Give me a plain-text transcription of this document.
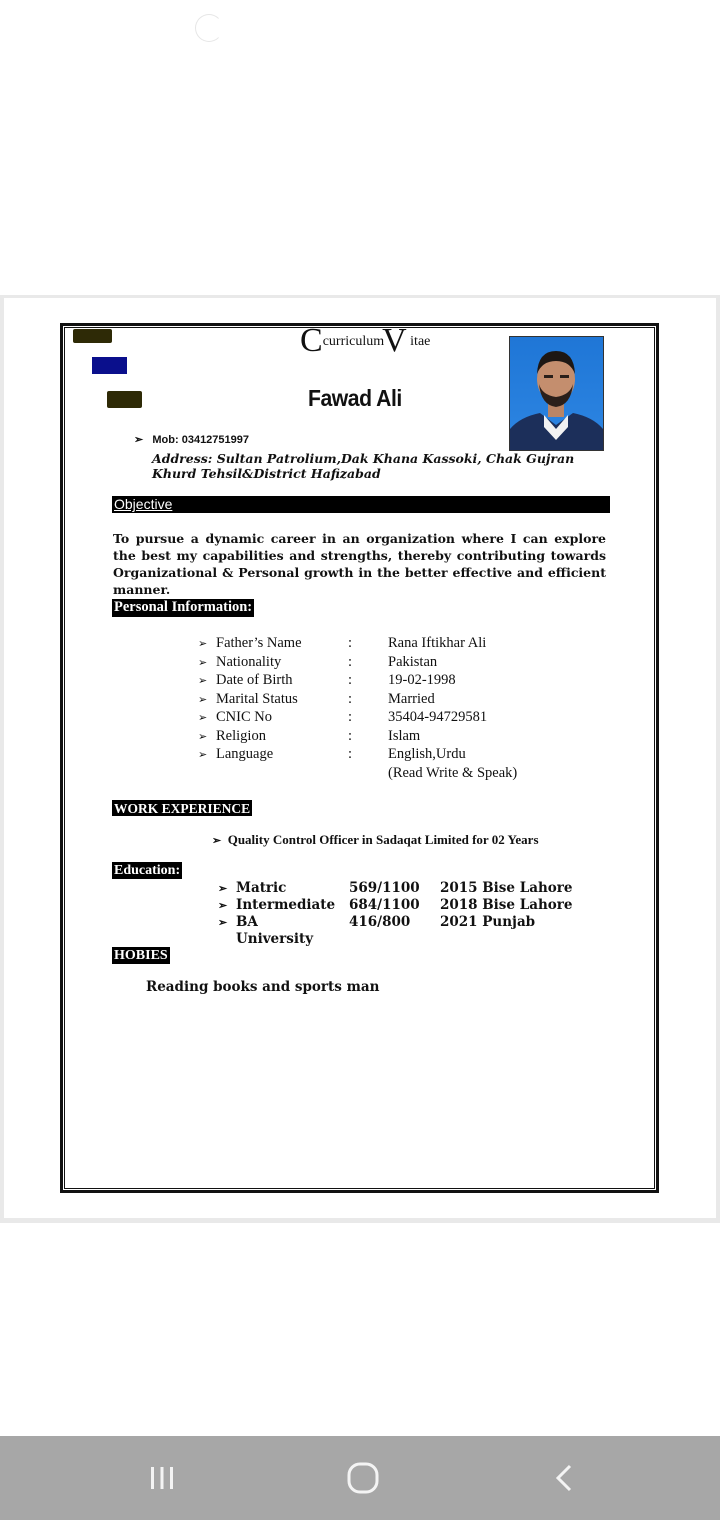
CcurriculumV itae
Fawad Ali
➢ Mob: 03412751997
Address: Sultan Patrolium,Dak Khana Kassoki, Chak Gujran Khurd Tehsil&District Hafizabad
Objective
To pursue a dynamic career in an organization where I can explore the best my capabilities and strengths, thereby contributing towards Organizational & Personal growth in the better effective and efficient manner.
Personal Information:
➢ Father’s Name	: Rana Iftikhar Ali
➢ Nationality	: Pakistan
➢ Date of Birth	: 19-02-1998
➢ Marital Status	: Married
➢ CNIC No	: 35404-94729581
➢ Religion	: Islam
➢ Language	: English,Urdu
(Read Write & Speak)
WORK EXPERIENCE
➢ Quality Control Officer in Sadaqat Limited for 02 Years
Education:
➢ Matric	569/1100 2015 Bise Lahore
➢ Intermediate 684/1100 2018 Bise Lahore
➢ BA	416/800 2021 Punjab
University
HOBIES
Reading books and sports man
